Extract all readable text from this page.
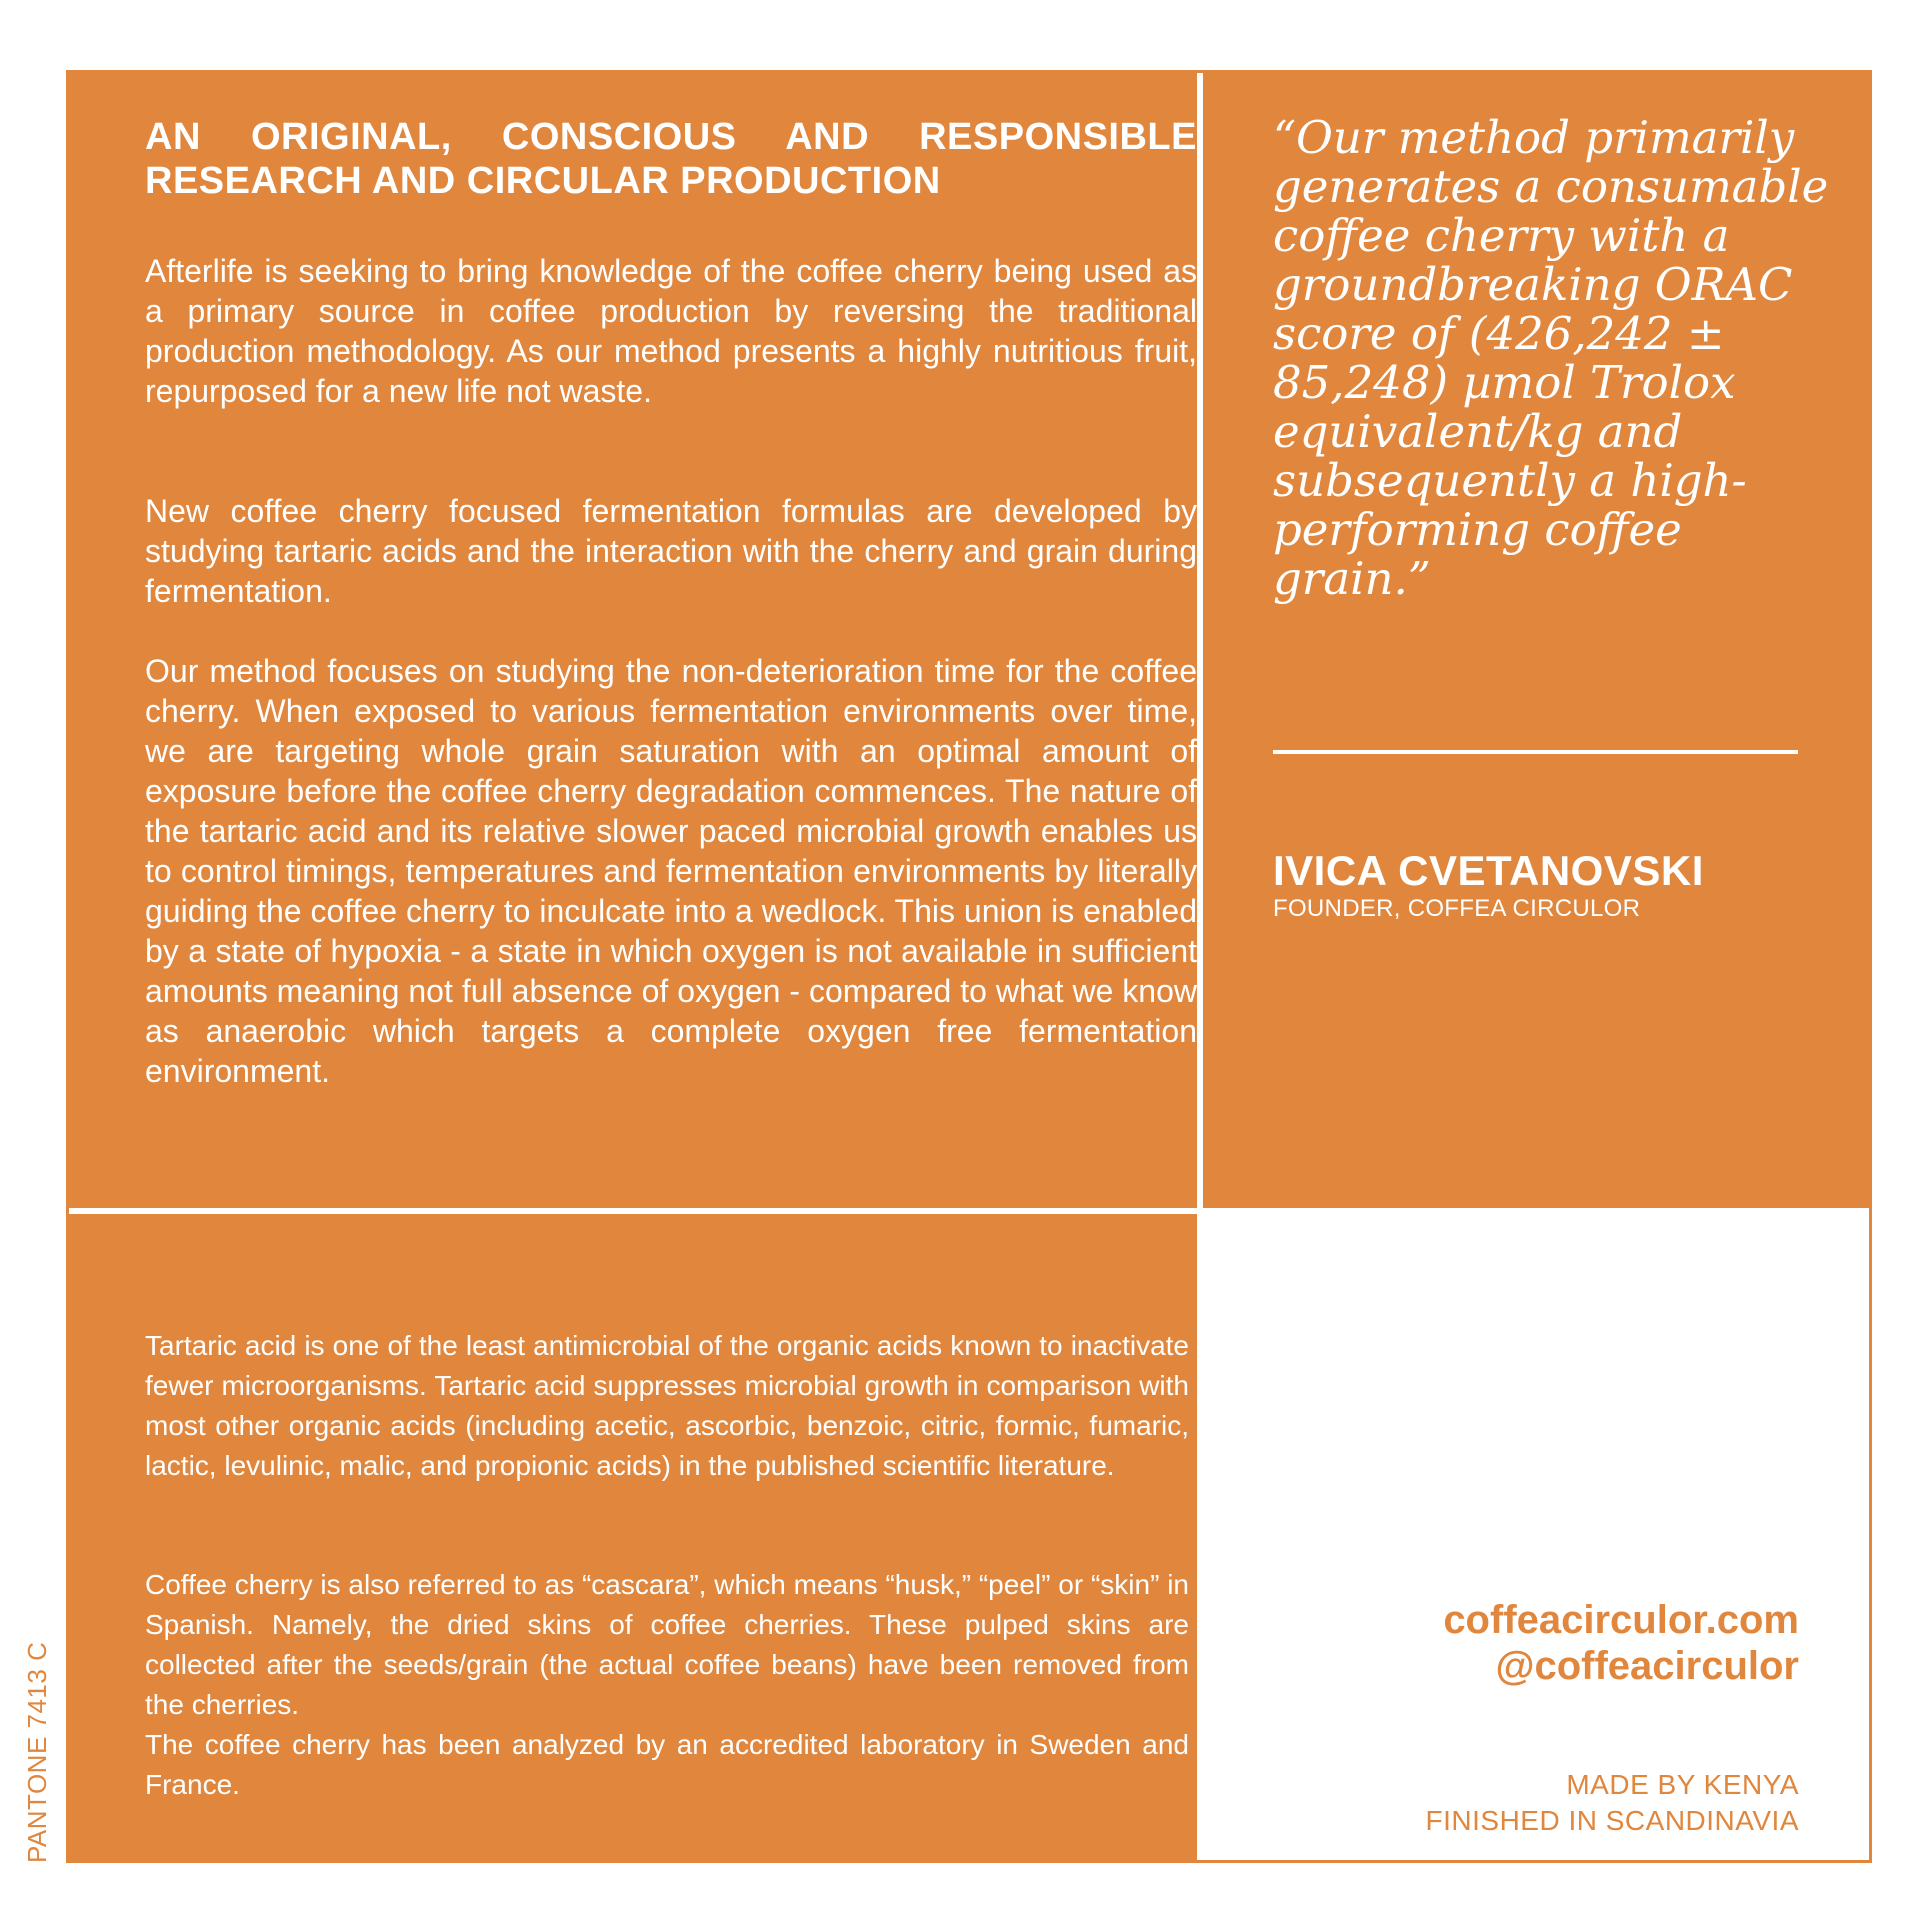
AN ORIGINAL, CONSCIOUS AND RESPONSIBLE RESEARCH AND CIRCULAR PRODUCTION

Afterlife is seeking to bring knowledge of the coffee cherry being used as a primary source in coffee production by reversing the traditional production methodology. As our method presents a highly nutritious fruit, repurposed for a new life not waste.

New coffee cherry focused fermentation formulas are developed by studying tartaric acids and the interaction with the cherry and grain during fermentation.

Our method focuses on studying the non-deterioration time for the coffee cherry. When exposed to various fermentation environments over time, we are targeting whole grain saturation with an optimal amount of exposure before the coffee cherry degradation commences. The nature of the tartaric acid and its relative slower paced microbial growth enables us to control timings, temperatures and fermentation environments by literally guiding the coffee cherry to inculcate into a wedlock. This union is enabled by a state of hypoxia - a state in which oxygen is not available in sufficient amounts meaning not full absence of oxygen - compared to what we know as anaerobic which targets a complete oxygen free fermentation environment.

“Our method primarily generates a consumable coffee cherry with a groundbreaking ORAC score of (426,242 ± 85,248) µmol Trolox equivalent/kg and subsequently a high-performing coffee grain.”
IVICA CVETANOVSKI
FOUNDER, COFFEA CIRCULOR

Tartaric acid is one of the least antimicrobial of the organic acids known to inactivate fewer microorganisms. Tartaric acid suppresses microbial growth in comparison with most other organic acids (including acetic, ascorbic, benzoic, citric, formic, fumaric, lactic, levulinic, malic, and propionic acids) in the published scientific literature.

Coffee cherry is also referred to as “cascara”, which means “husk,” “peel” or “skin” in Spanish. Namely, the dried skins of coffee cherries. These pulped skins are collected after the seeds/grain (the actual coffee beans) have been removed from the cherries.

The coffee cherry has been analyzed by an accredited laboratory in Sweden and France.

coffeacirculor.com
@coffeacirculor
MADE BY KENYA
FINISHED IN SCANDINAVIA
PANTONE 7413 C
